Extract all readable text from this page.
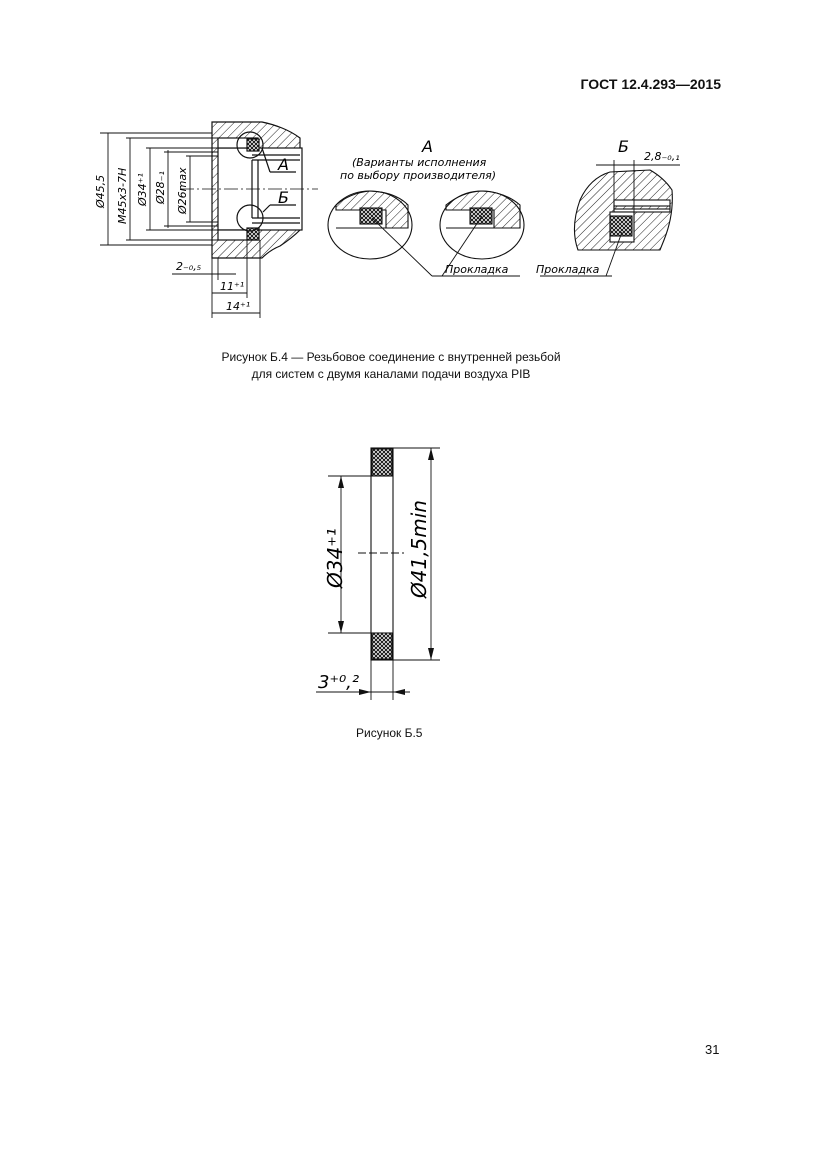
ГОСТ 12.4.293—2015
А
Б
Ø45,5 M45x3-7H Ø34⁺¹ Ø28₋₁ Ø26max
2₋₀,₅
11⁺¹
14⁺¹
А
(Варианты исполнения
по выбору производителя)
Прокладка
Б
2,8₋₀,₁
Прокладка
Ø34⁺¹	Ø41,5min
3⁺⁰,²
Рисунок Б.4 — Резьбовое соединение с внутренней резьбой
для систем с двумя каналами подачи воздуха PIB
Рисунок Б.5
31
